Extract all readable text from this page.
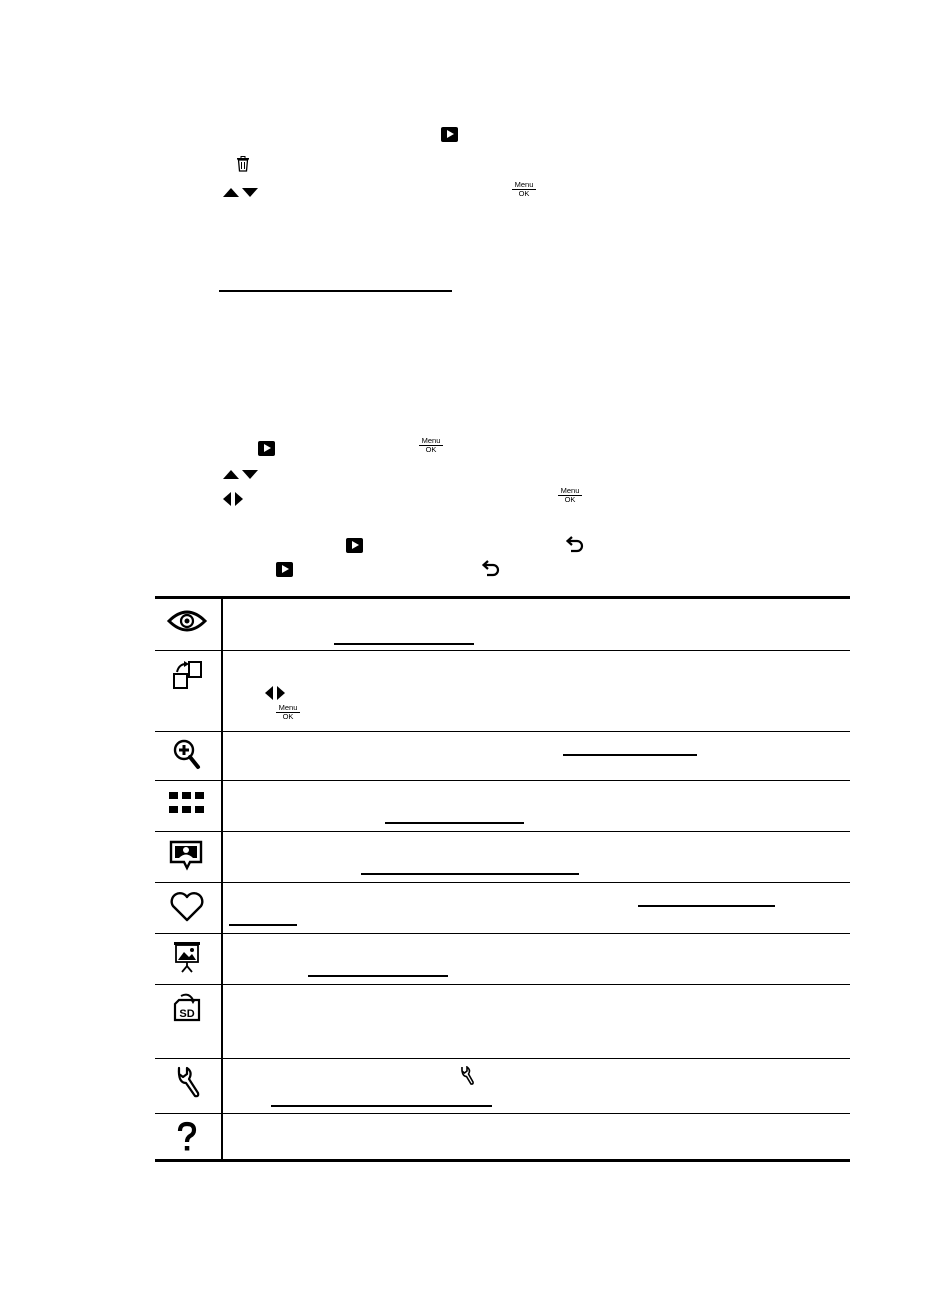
Menu
OK
Menu
OK
Menu
OK
Menu
OK
SD
